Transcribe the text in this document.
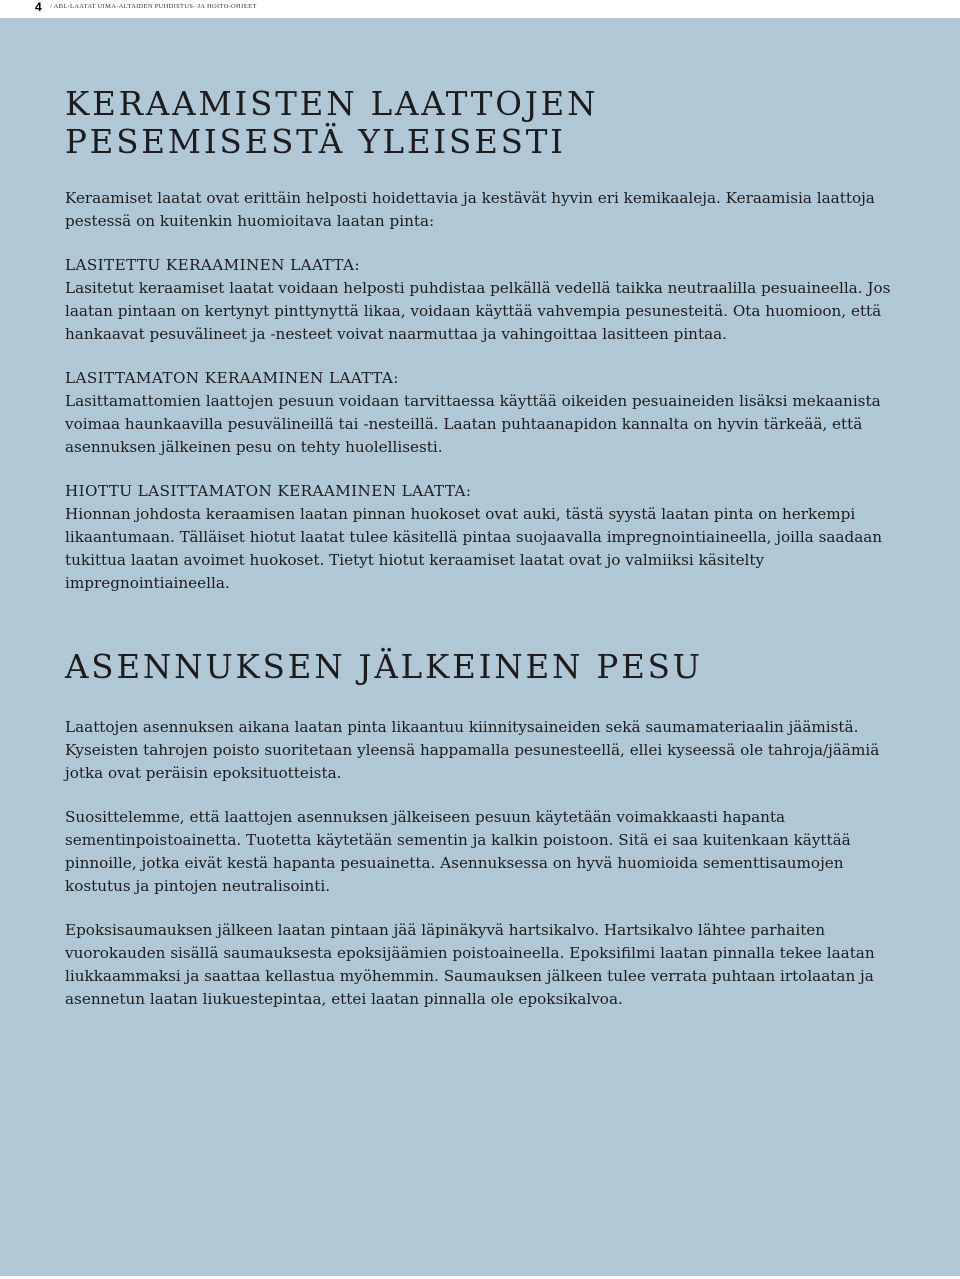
4 / ABL-LAATAT UIMA-ALTAIDEN PUHDISTUS- JA HOITO-OHJEET
KERAAMISTEN LAATTOJEN PESEMISESTÄ YLEISESTI

Keraamiset laatat ovat erittäin helposti hoidettavia ja kestävät hyvin eri kemikaaleja. Keraamisia laattoja pestessä on kuitenkin huomioitava laatan pinta:

LASITETTU KERAAMINEN LAATTA:

Lasitetut keraamiset laatat voidaan helposti puhdistaa pelkällä vedellä taikka neutraalilla pesuaineella. Jos laatan pintaan on kertynyt pinttynyttä likaa, voidaan käyttää vahvempia pesunesteitä. Ota huomioon, että hankaavat pesuvälineet ja -nesteet voivat naarmuttaa ja vahingoittaa lasitteen pintaa.

LASITTAMATON KERAAMINEN LAATTA:

Lasittamattomien laattojen pesuun voidaan tarvittaessa käyttää oikeiden pesuaineiden lisäksi mekaanista voimaa haunkaavilla pesuvälineillä tai -nesteillä. Laatan puhtaanapidon kannalta on hyvin tärkeää, että asennuksen jälkeinen pesu on tehty huolellisesti.

HIOTTU LASITTAMATON KERAAMINEN LAATTA:

Hionnan johdosta keraamisen laatan pinnan huokoset ovat auki, tästä syystä laatan pinta on herkempi likaantumaan. Tälläiset hiotut laatat tulee käsitellä pintaa suojaavalla impregnointiaineella, joilla saadaan tukittua laatan avoimet huokoset. Tietyt hiotut keraamiset laatat ovat jo valmiiksi käsitelty impregnointiaineella.

ASENNUKSEN JÄLKEINEN PESU

Laattojen asennuksen aikana laatan pinta likaantuu kiinnitysaineiden sekä saumamateriaalin jäämistä. Kyseisten tahrojen poisto suoritetaan yleensä happamalla pesunesteellä, ellei kyseessä ole tahroja/jäämiä jotka ovat peräisin epoksituotteista.

Suosittelemme, että laattojen asennuksen jälkeiseen pesuun käytetään voimakkaasti hapanta sementinpoistoainetta. Tuotetta käytetään sementin ja kalkin poistoon. Sitä ei saa kuitenkaan käyttää pinnoille, jotka eivät kestä hapanta pesuainetta. Asennuksessa on hyvä huomioida sementtisaumojen kostutus ja pintojen neutralisointi.

Epoksisaumauksen jälkeen laatan pintaan jää läpinäkyvä hartsikalvo. Hartsikalvo lähtee parhaiten vuorokauden sisällä saumauksesta epoksijäämien poistoaineella. Epoksifilmi laatan pinnalla tekee laatan liukkaammaksi ja saattaa kellastua myöhemmin. Saumauksen jälkeen tulee verrata puhtaan irtolaatan ja asennetun laatan liukuestepintaa, ettei laatan pinnalla ole epoksikalvoa.
